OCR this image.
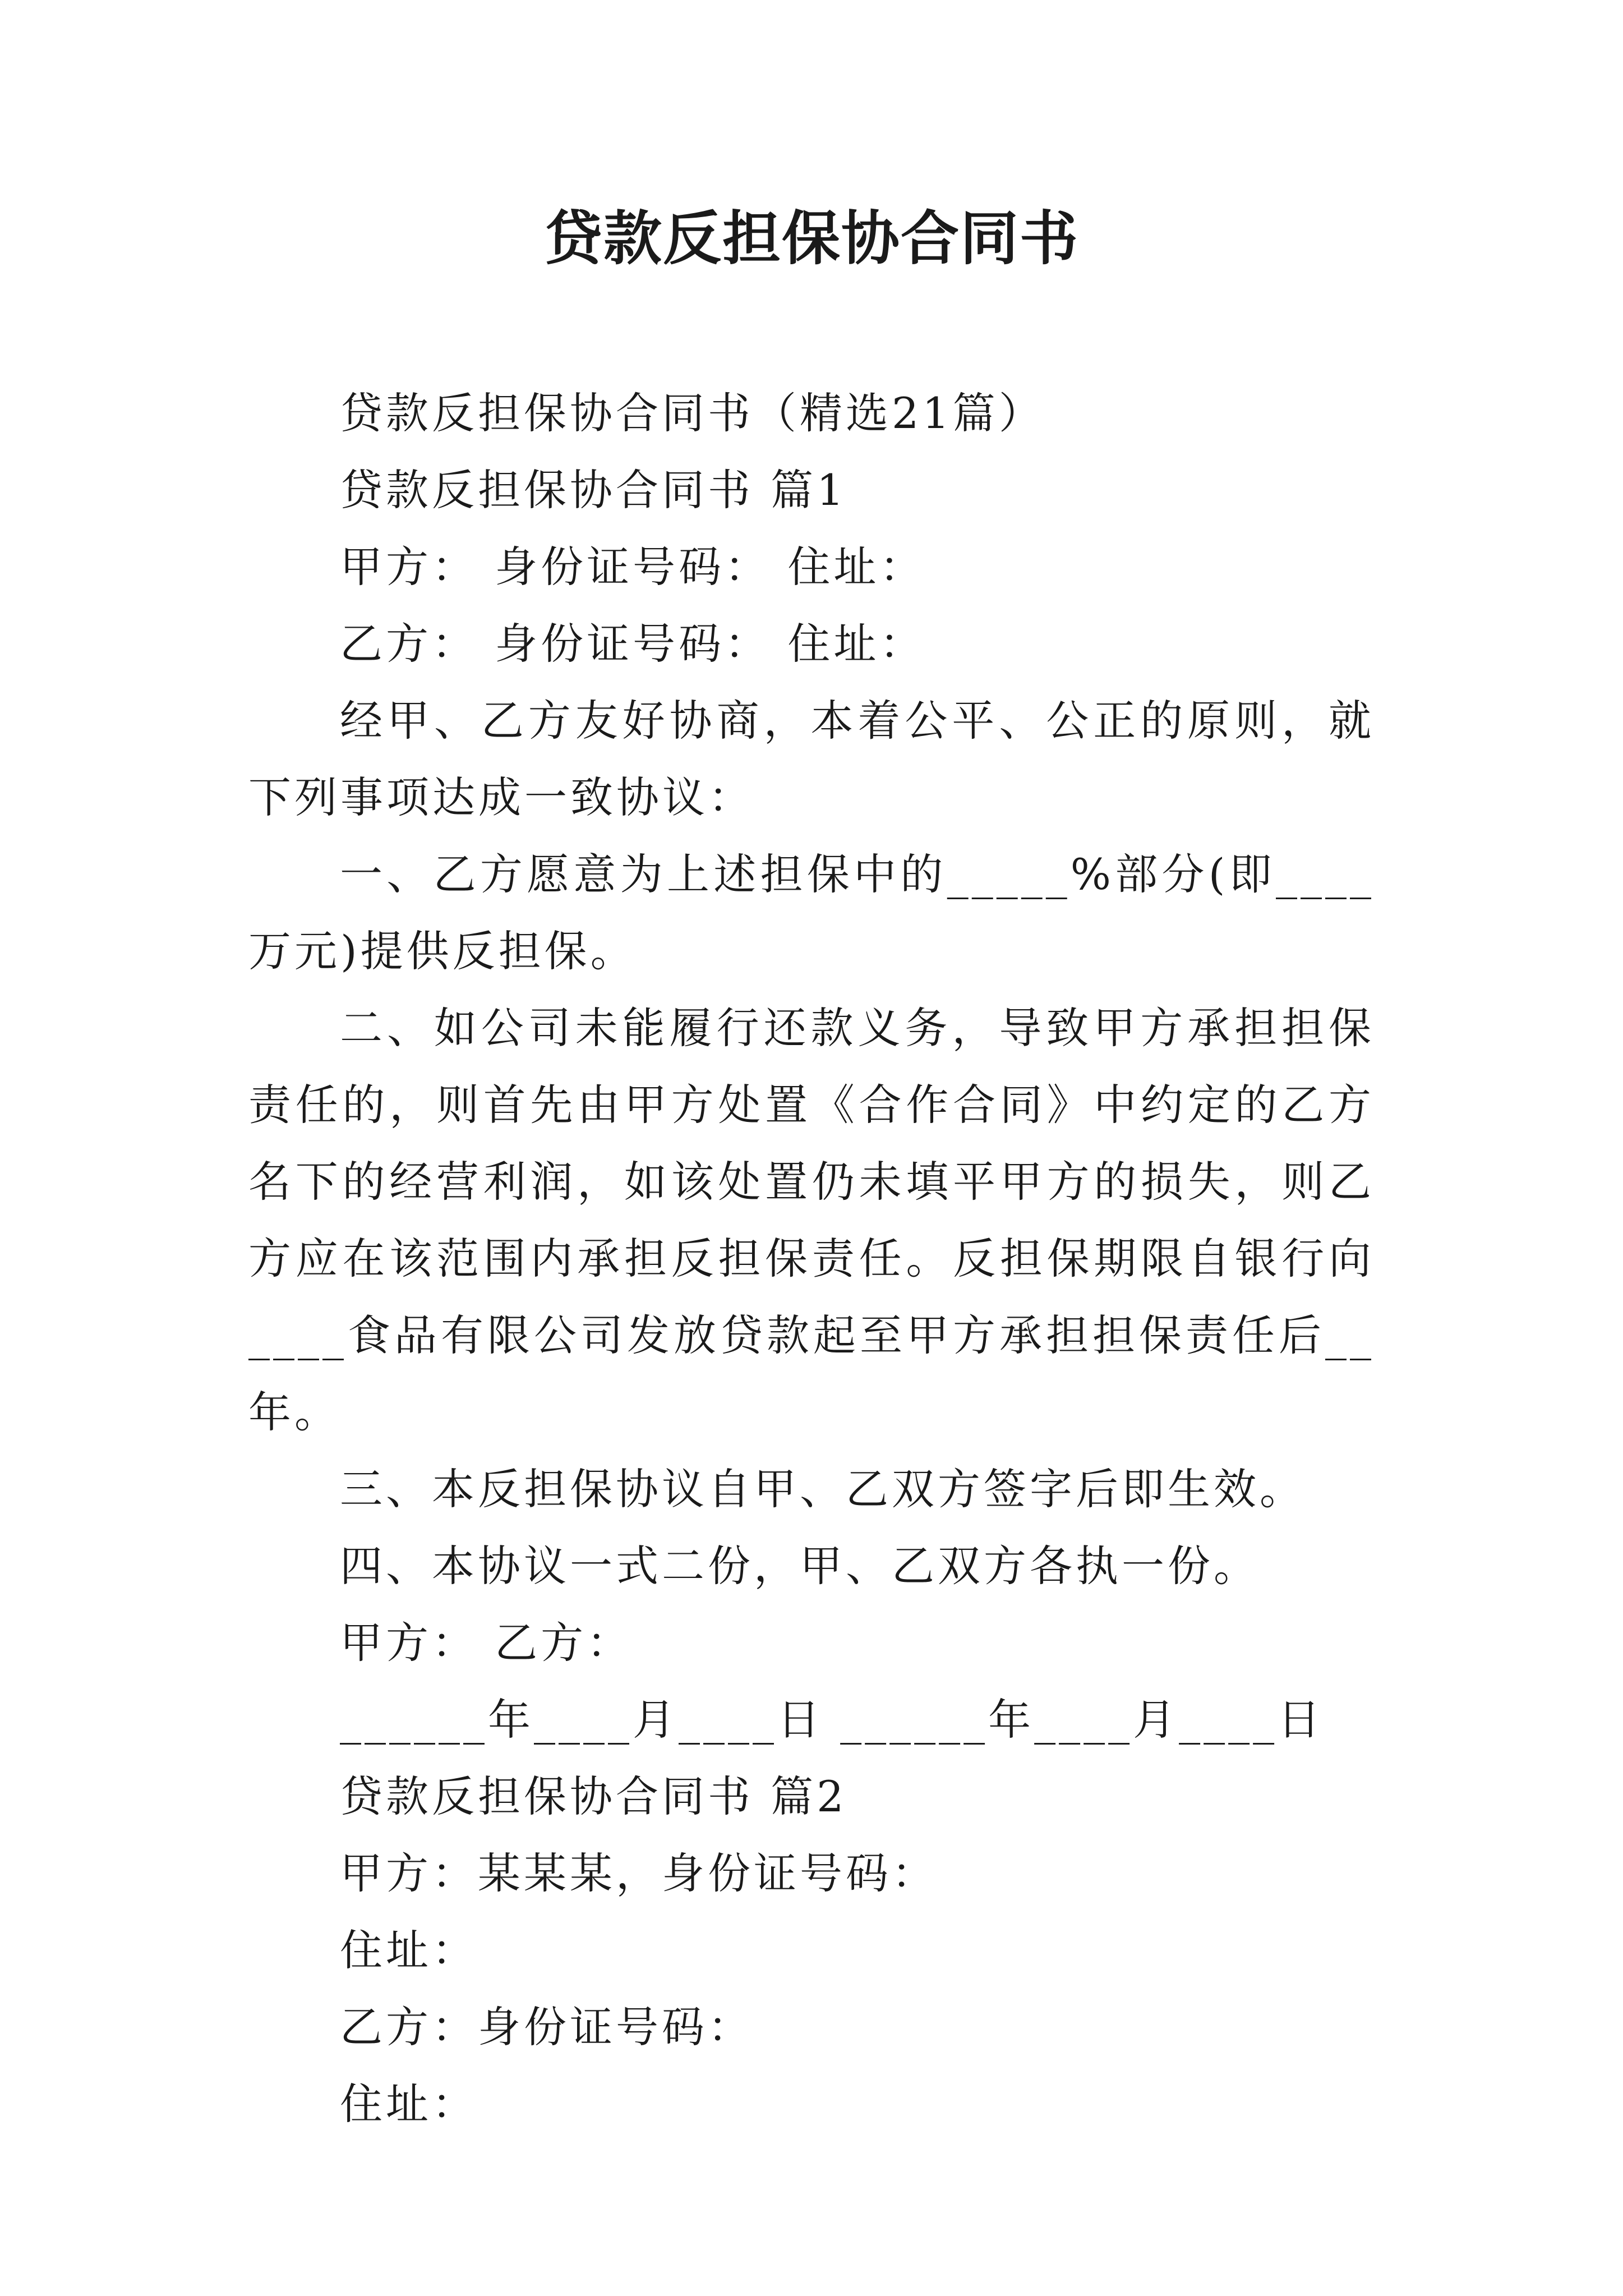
贷款反担保协合同书

贷款反担保协合同书（精选21篇）

贷款反担保协合同书 篇1

甲方： 身份证号码： 住址：

乙方： 身份证号码： 住址：

经甲、乙方友好协商，本着公平、公正的原则，就下列事项达成一致协议：

一、乙方愿意为上述担保中的_____%部分(即____万元)提供反担保。

二、如公司未能履行还款义务，导致甲方承担担保责任的，则首先由甲方处置《合作合同》中约定的乙方名下的经营利润，如该处置仍未填平甲方的损失，则乙方应在该范围内承担反担保责任。反担保期限自银行向____食品有限公司发放贷款起至甲方承担担保责任后__年。

三、本反担保协议自甲、乙双方签字后即生效。

四、本协议一式二份，甲、乙双方各执一份。

甲方： 乙方：

______年____月____日 ______年____月____日

贷款反担保协合同书 篇2

甲方：某某某，身份证号码：

住址：

乙方：身份证号码：

住址：
